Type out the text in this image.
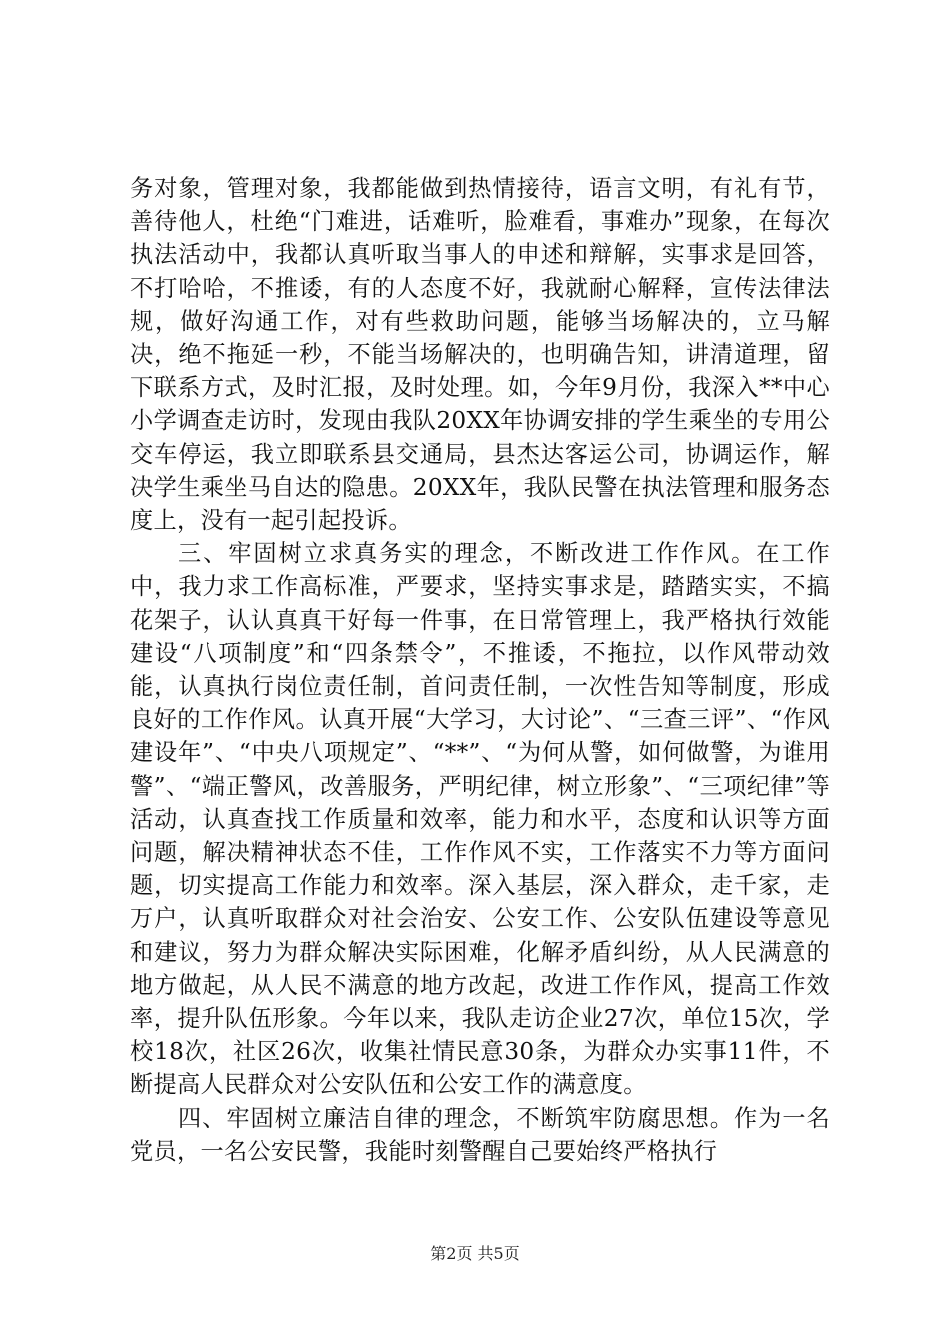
务对象，管理对象，我都能做到热情接待，语言文明，有礼有节，善待他人，杜绝“门难进，话难听，脸难看，事难办”现象，在每次执法活动中，我都认真听取当事人的申述和辩解，实事求是回答，不打哈哈，不推诿，有的人态度不好，我就耐心解释，宣传法律法规，做好沟通工作，对有些救助问题，能够当场解决的，立马解决，绝不拖延一秒，不能当场解决的，也明确告知，讲清道理，留下联系方式，及时汇报，及时处理。如，今年9月份，我深入**中心小学调查走访时，发现由我队20XX年协调安排的学生乘坐的专用公交车停运，我立即联系县交通局，县杰达客运公司，协调运作，解决学生乘坐马自达的隐患。20XX年，我队民警在执法管理和服务态度上，没有一起引起投诉。

三、牢固树立求真务实的理念，不断改进工作作风。在工作中，我力求工作高标准，严要求，坚持实事求是，踏踏实实，不搞花架子，认认真真干好每一件事，在日常管理上，我严格执行效能建设“八项制度”和“四条禁令”，不推诿，不拖拉，以作风带动效能，认真执行岗位责任制，首问责任制，一次性告知等制度，形成良好的工作作风。认真开展“大学习，大讨论”、“三查三评”、“作风建设年”、“中央八项规定”、“**”、“为何从警，如何做警，为谁用警”、“端正警风，改善服务，严明纪律，树立形象”、“三项纪律”等活动，认真查找工作质量和效率，能力和水平，态度和认识等方面问题，解决精神状态不佳，工作作风不实，工作落实不力等方面问题，切实提高工作能力和效率。深入基层，深入群众，走千家，走万户，认真听取群众对社会治安、公安工作、公安队伍建设等意见和建议，努力为群众解决实际困难，化解矛盾纠纷，从人民满意的地方做起，从人民不满意的地方改起，改进工作作风，提高工作效率，提升队伍形象。今年以来，我队走访企业27次，单位15次，学校18次，社区26次，收集社情民意30条，为群众办实事11件，不断提高人民群众对公安队伍和公安工作的满意度。

四、牢固树立廉洁自律的理念，不断筑牢防腐思想。作为一名党员，一名公安民警，我能时刻警醒自己要始终严格执行

第2页 共5页
